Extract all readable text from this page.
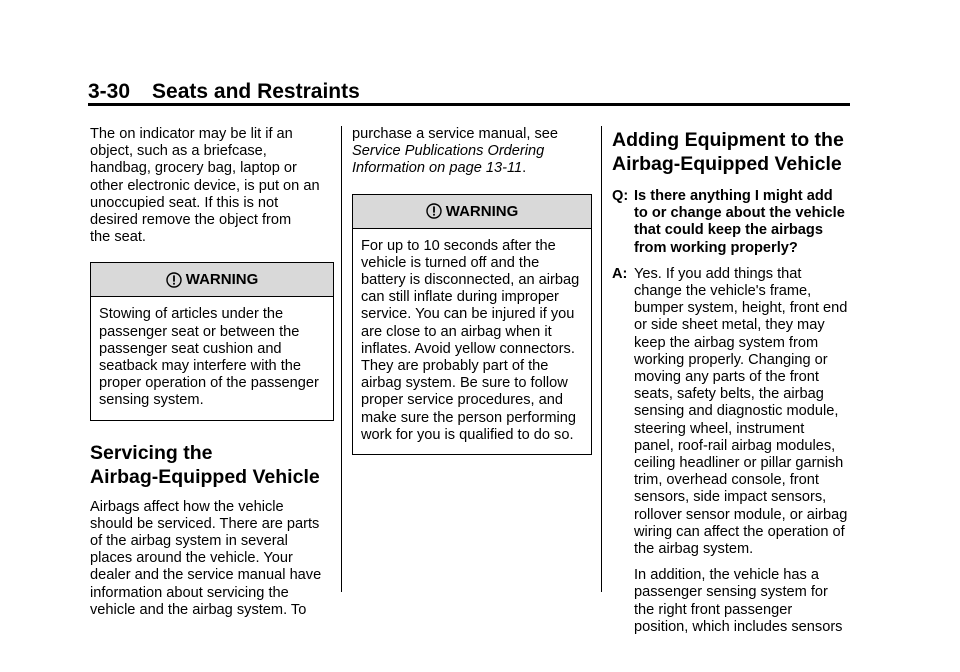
3-30 Seats and Restraints
The on indicator may be lit if an
object, such as a briefcase,
handbag, grocery bag, laptop or
other electronic device, is put on an
unoccupied seat. If this is not
desired remove the object from
the seat.
WARNING
Stowing of articles under the
passenger seat or between the
passenger seat cushion and
seatback may interfere with the
proper operation of the passenger
sensing system.
Servicing the
Airbag-Equipped Vehicle
Airbags affect how the vehicle
should be serviced. There are parts
of the airbag system in several
places around the vehicle. Your
dealer and the service manual have
information about servicing the
vehicle and the airbag system. To
purchase a service manual, see
Service Publications Ordering
Information on page 13-11.
WARNING
For up to 10 seconds after the
vehicle is turned off and the
battery is disconnected, an airbag
can still inflate during improper
service. You can be injured if you
are close to an airbag when it
inflates. Avoid yellow connectors.
They are probably part of the
airbag system. Be sure to follow
proper service procedures, and
make sure the person performing
work for you is qualified to do so.
Adding Equipment to the
Airbag-Equipped Vehicle
Q: Is there anything I might add
to or change about the vehicle
that could keep the airbags
from working properly?
A: Yes. If you add things that
change the vehicle's frame,
bumper system, height, front end
or side sheet metal, they may
keep the airbag system from
working properly. Changing or
moving any parts of the front
seats, safety belts, the airbag
sensing and diagnostic module,
steering wheel, instrument
panel, roof-rail airbag modules,
ceiling headliner or pillar garnish
trim, overhead console, front
sensors, side impact sensors,
rollover sensor module, or airbag
wiring can affect the operation of
the airbag system.
In addition, the vehicle has a
passenger sensing system for
the right front passenger
position, which includes sensors
